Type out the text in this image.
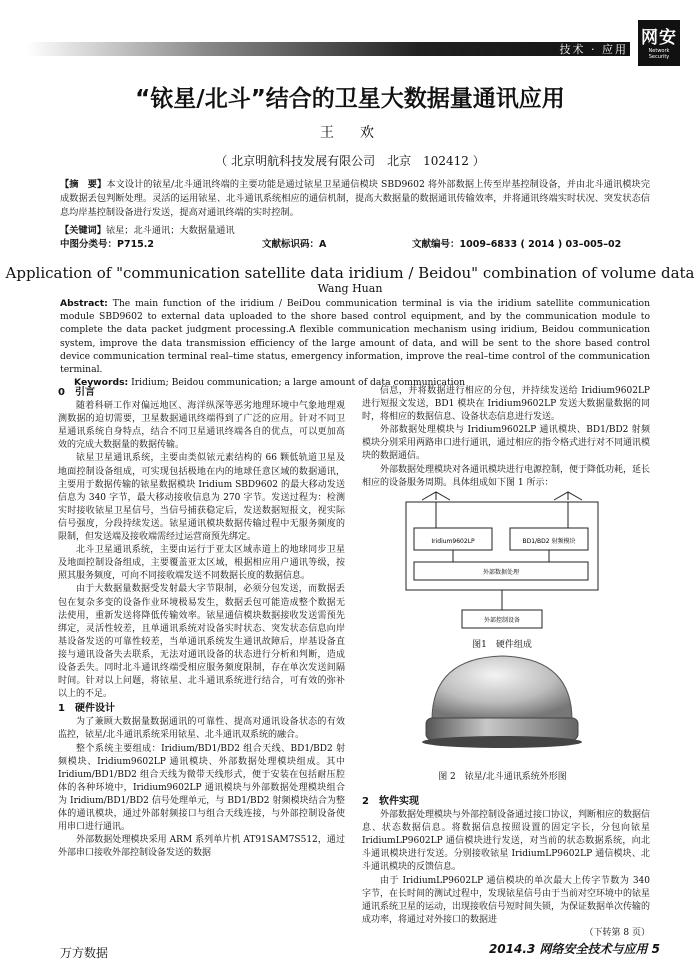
技术 · 应用
网安
Network Security
“铱星/北斗”结合的卫星大数据量通讯应用
王　欢
（ 北京明航科技发展有限公司　北京　102412 ）
【摘　要】本文设计的铱星/北斗通讯终端的主要功能是通过铱星卫星通信模块 SBD9602 将外部数据上传至岸基控制设备，并由北斗通讯模块完成数据丢包判断处理。灵活的运用铱星、北斗通讯系统相应的通信机制，提高大数据量的数据通讯传输效率，并将通讯终端实时状况、突发状态信息均岸基控制设备进行发送，提高对通讯终端的实时控制。
【关键词】铱星；北斗通讯；大数据量通讯
中图分类号：P715.2	文献标识码：A	文献编号：1009–6833 ( 2014 ) 03–005–02
Application of "communication satellite data iridium / Beidou" combination of volume data
Wang Huan
Abstract: The main function of the iridium / BeiDou communication terminal is via the iridium satellite communication module SBD9602 to external data uploaded to the shore based control equipment, and by the communication module to complete the data packet judgment processing.A flexible communication mechanism using iridium, Beidou communication system, improve the data transmission efficiency of the large amount of data, and will be sent to the shore based control device communication terminal real–time status, emergency information, improve the real–time control of the communication terminal.
Keywords: Iridium; Beidou communication; a large amount of data communication
0　引言

随着科研工作对偏远地区、海洋纵深等恶劣地理环境中气象地理观测数据的迫切需要，卫星数据通讯终端得到了广泛的应用。针对不同卫星通讯系统自身特点，结合不同卫星通讯终端各自的优点，可以更加高效的完成大数据量的数据传输。

铱星卫星通讯系统，主要由类似铱元素结构的 66 颗低轨道卫星及地面控制设备组成，可实现包括极地在内的地球任意区域的数据通讯，主要用于数据传输的铱星数据模块 Iridium SBD9602 的最大移动发送信息为 340 字节，最大移动接收信息为 270 字节。发送过程为：检测实时接收铱星卫星信号，当信号捕获稳定后，发送数据短报文，视实际信号强度，分段持续发送。铱星通讯模块数据传输过程中无服务频度的限制，但发送端及接收端需经过运营商预先绑定。

北斗卫星通讯系统，主要由运行于亚太区域赤道上的地球同步卫星及地面控制设备组成，主要覆盖亚太区域，根据相应用户通讯等级，按照其服务频度，可向不同接收端发送不同数据长度的数据信息。

由于大数据量数据受发射最大字节限制，必须分包发送，而数据丢包在复杂多变的设备作业环境极易发生，数据丢包可能造成整个数据无法使用，重新发送将降低传输效率。铱星通信模块数据接收发送需预先绑定，灵活性较差，且单通讯系统对设备实时状态、突发状态信息向岸基设备发送的可靠性较差，当单通讯系统发生通讯故障后，岸基设备直接与通讯设备失去联系，无法对通讯设备的状态进行分析和判断，造成设备丢失。同时北斗通讯终端受相应服务频度限制，存在单次发送间隔时间。针对以上问题，将铱星、北斗通讯系统进行结合，可有效的弥补以上的不足。

1　硬件设计

为了兼顾大数据量数据通讯的可靠性、提高对通讯设备状态的有效监控，铱星/北斗通讯系统采用铱星、北斗通讯双系统的融合。

整个系统主要组成：Iridium/BD1/BD2 组合天线、BD1/BD2 射频模块、Iridium9602LP 通讯模块、外部数据处理模块组成。其中 Iridium/BD1/BD2 组合天线为微带天线形式，便于安装在包括耐压腔体的各种环境中，Iridium9602LP 通讯模块与外部数据处理模块组合为 Iridium/BD1/BD2 信号处理单元，与 BD1/BD2 射频模块结合为整体的通讯模块，通过外部射频接口与组合天线连接，与外部控制设备使用串口进行通讯。

外部数据处理模块采用 ARM 系列单片机 AT91SAM7S512，通过外部串口接收外部控制设备发送的数据

信息，并将数据进行相应的分包，并持续发送给 Iridium9602LP 进行短报文发送，BD1 模块在 Iridium9602LP 发送大数据量数据的同时，将相应的数据信息、设备状态信息进行发送。

外部数据处理模块与 Iridium9602LP 通讯模块、BD1/BD2 射频模块分别采用两路串口进行通讯，通过相应的指令格式进行对不同通讯模块的数据通信。

外部数据处理模块对各通讯模块进行电源控制，便于降低功耗，延长相应的设备服务周期。具体组成如下图 1 所示：

Iridium9602LP	BD1/BD2 射频模块
外部数据处理
外部控制设备
图1　硬件组成
图 2　铱星/北斗通讯系统外形图
2　软件实现

外部数据处理模块与外部控制设备通过接口协议，判断相应的数据信息、状态数据信息。将数据信息按照设置的固定字长，分包向铱星 IridiumLP9602LP 通信模块进行发送，对当前的状态数据系统，向北斗通讯模块进行发送。分别接收铱星 IridiumLP9602LP 通信模块、北斗通讯模块的反馈信息。

由于 IridiumLP9602LP 通信模块的单次最大上传字节数为 340 字节，在长时间的测试过程中，发现铱星信号由于当前对空环境中的铱星通讯系统卫星的运动，出现接收信号短时间失锁，为保证数据单次传输的成功率，将通过对外接口的数据进

（下转第 8 页）
万方数据	2014.3 网络安全技术与应用 5
